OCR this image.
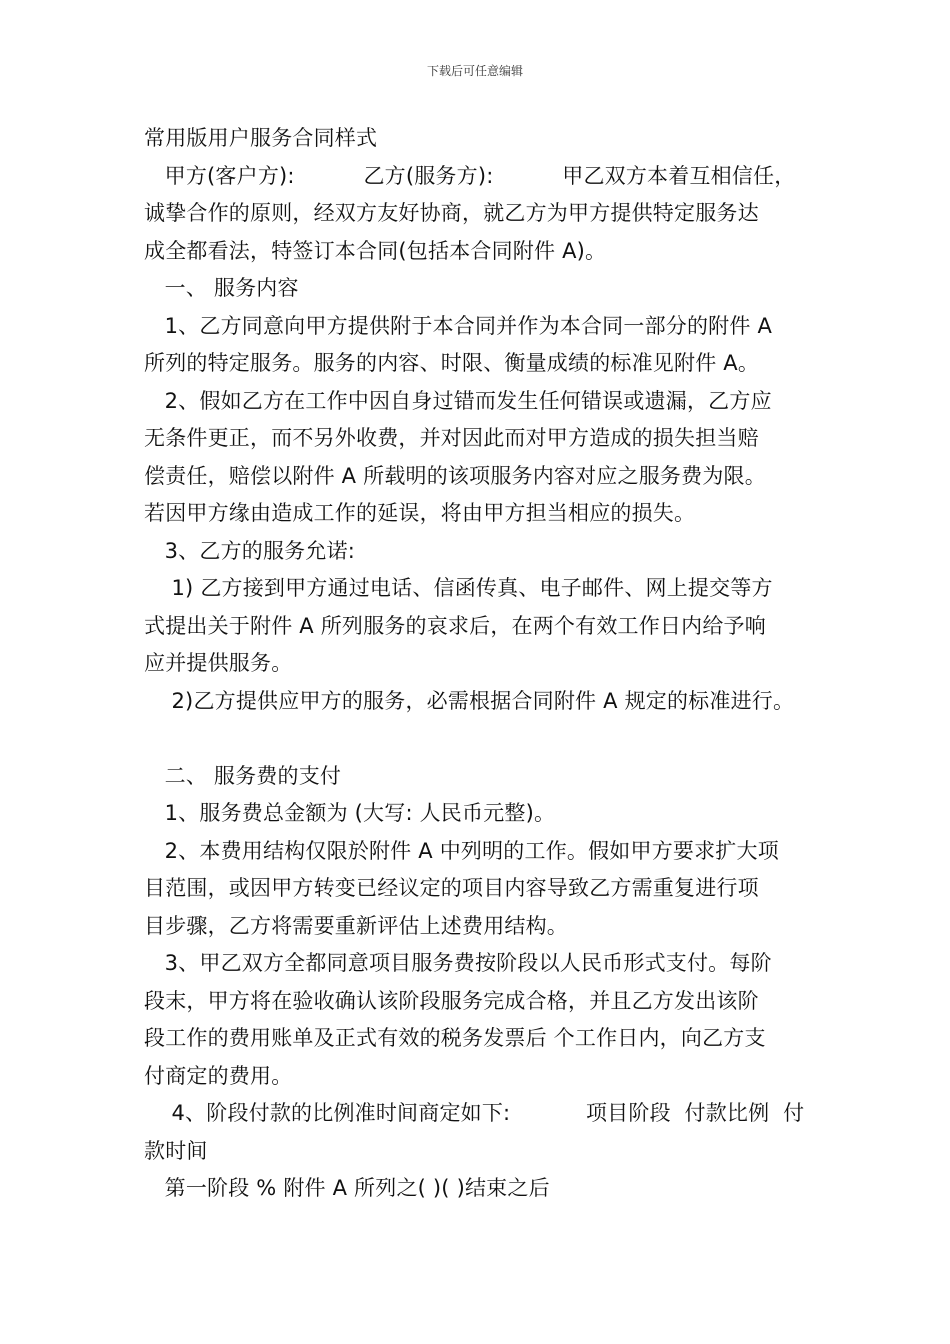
下载后可任意编辑
常用版用户服务合同样式
甲方(客户方):          乙方(服务方):          甲乙双方本着互相信任，
诚挚合作的原则，经双方友好协商，就乙方为甲方提供特定服务达
成全都看法，特签订本合同(包括本合同附件 A)。
一、 服务内容
1、乙方同意向甲方提供附于本合同并作为本合同一部分的附件 A
所列的特定服务。服务的内容、时限、衡量成绩的标准见附件 A。
2、假如乙方在工作中因自身过错而发生任何错误或遗漏，乙方应
无条件更正，而不另外收费，并对因此而对甲方造成的损失担当赔
偿责任，赔偿以附件 A 所载明的该项服务内容对应之服务费为限。
若因甲方缘由造成工作的延误，将由甲方担当相应的损失。
3、乙方的服务允诺:
1) 乙方接到甲方通过电话、信函传真、电子邮件、网上提交等方
式提出关于附件 A 所列服务的哀求后，在两个有效工作日内给予响
应并提供服务。
2)乙方提供应甲方的服务，必需根据合同附件 A 规定的标准进行。
二、 服务费的支付
1、服务费总金额为 (大写: 人民币元整)。
2、本费用结构仅限於附件 A 中列明的工作。假如甲方要求扩大项
目范围，或因甲方转变已经议定的项目内容导致乙方需重复进行项
目步骤，乙方将需要重新评估上述费用结构。
3、甲乙双方全都同意项目服务费按阶段以人民币形式支付。每阶
段末，甲方将在验收确认该阶段服务完成合格，并且乙方发出该阶
段工作的费用账单及正式有效的税务发票后 个工作日内，向乙方支
付商定的费用。
4、阶段付款的比例准时间商定如下:           项目阶段  付款比例  付
款时间
第一阶段 % 附件 A 所列之( )( )结束之后
